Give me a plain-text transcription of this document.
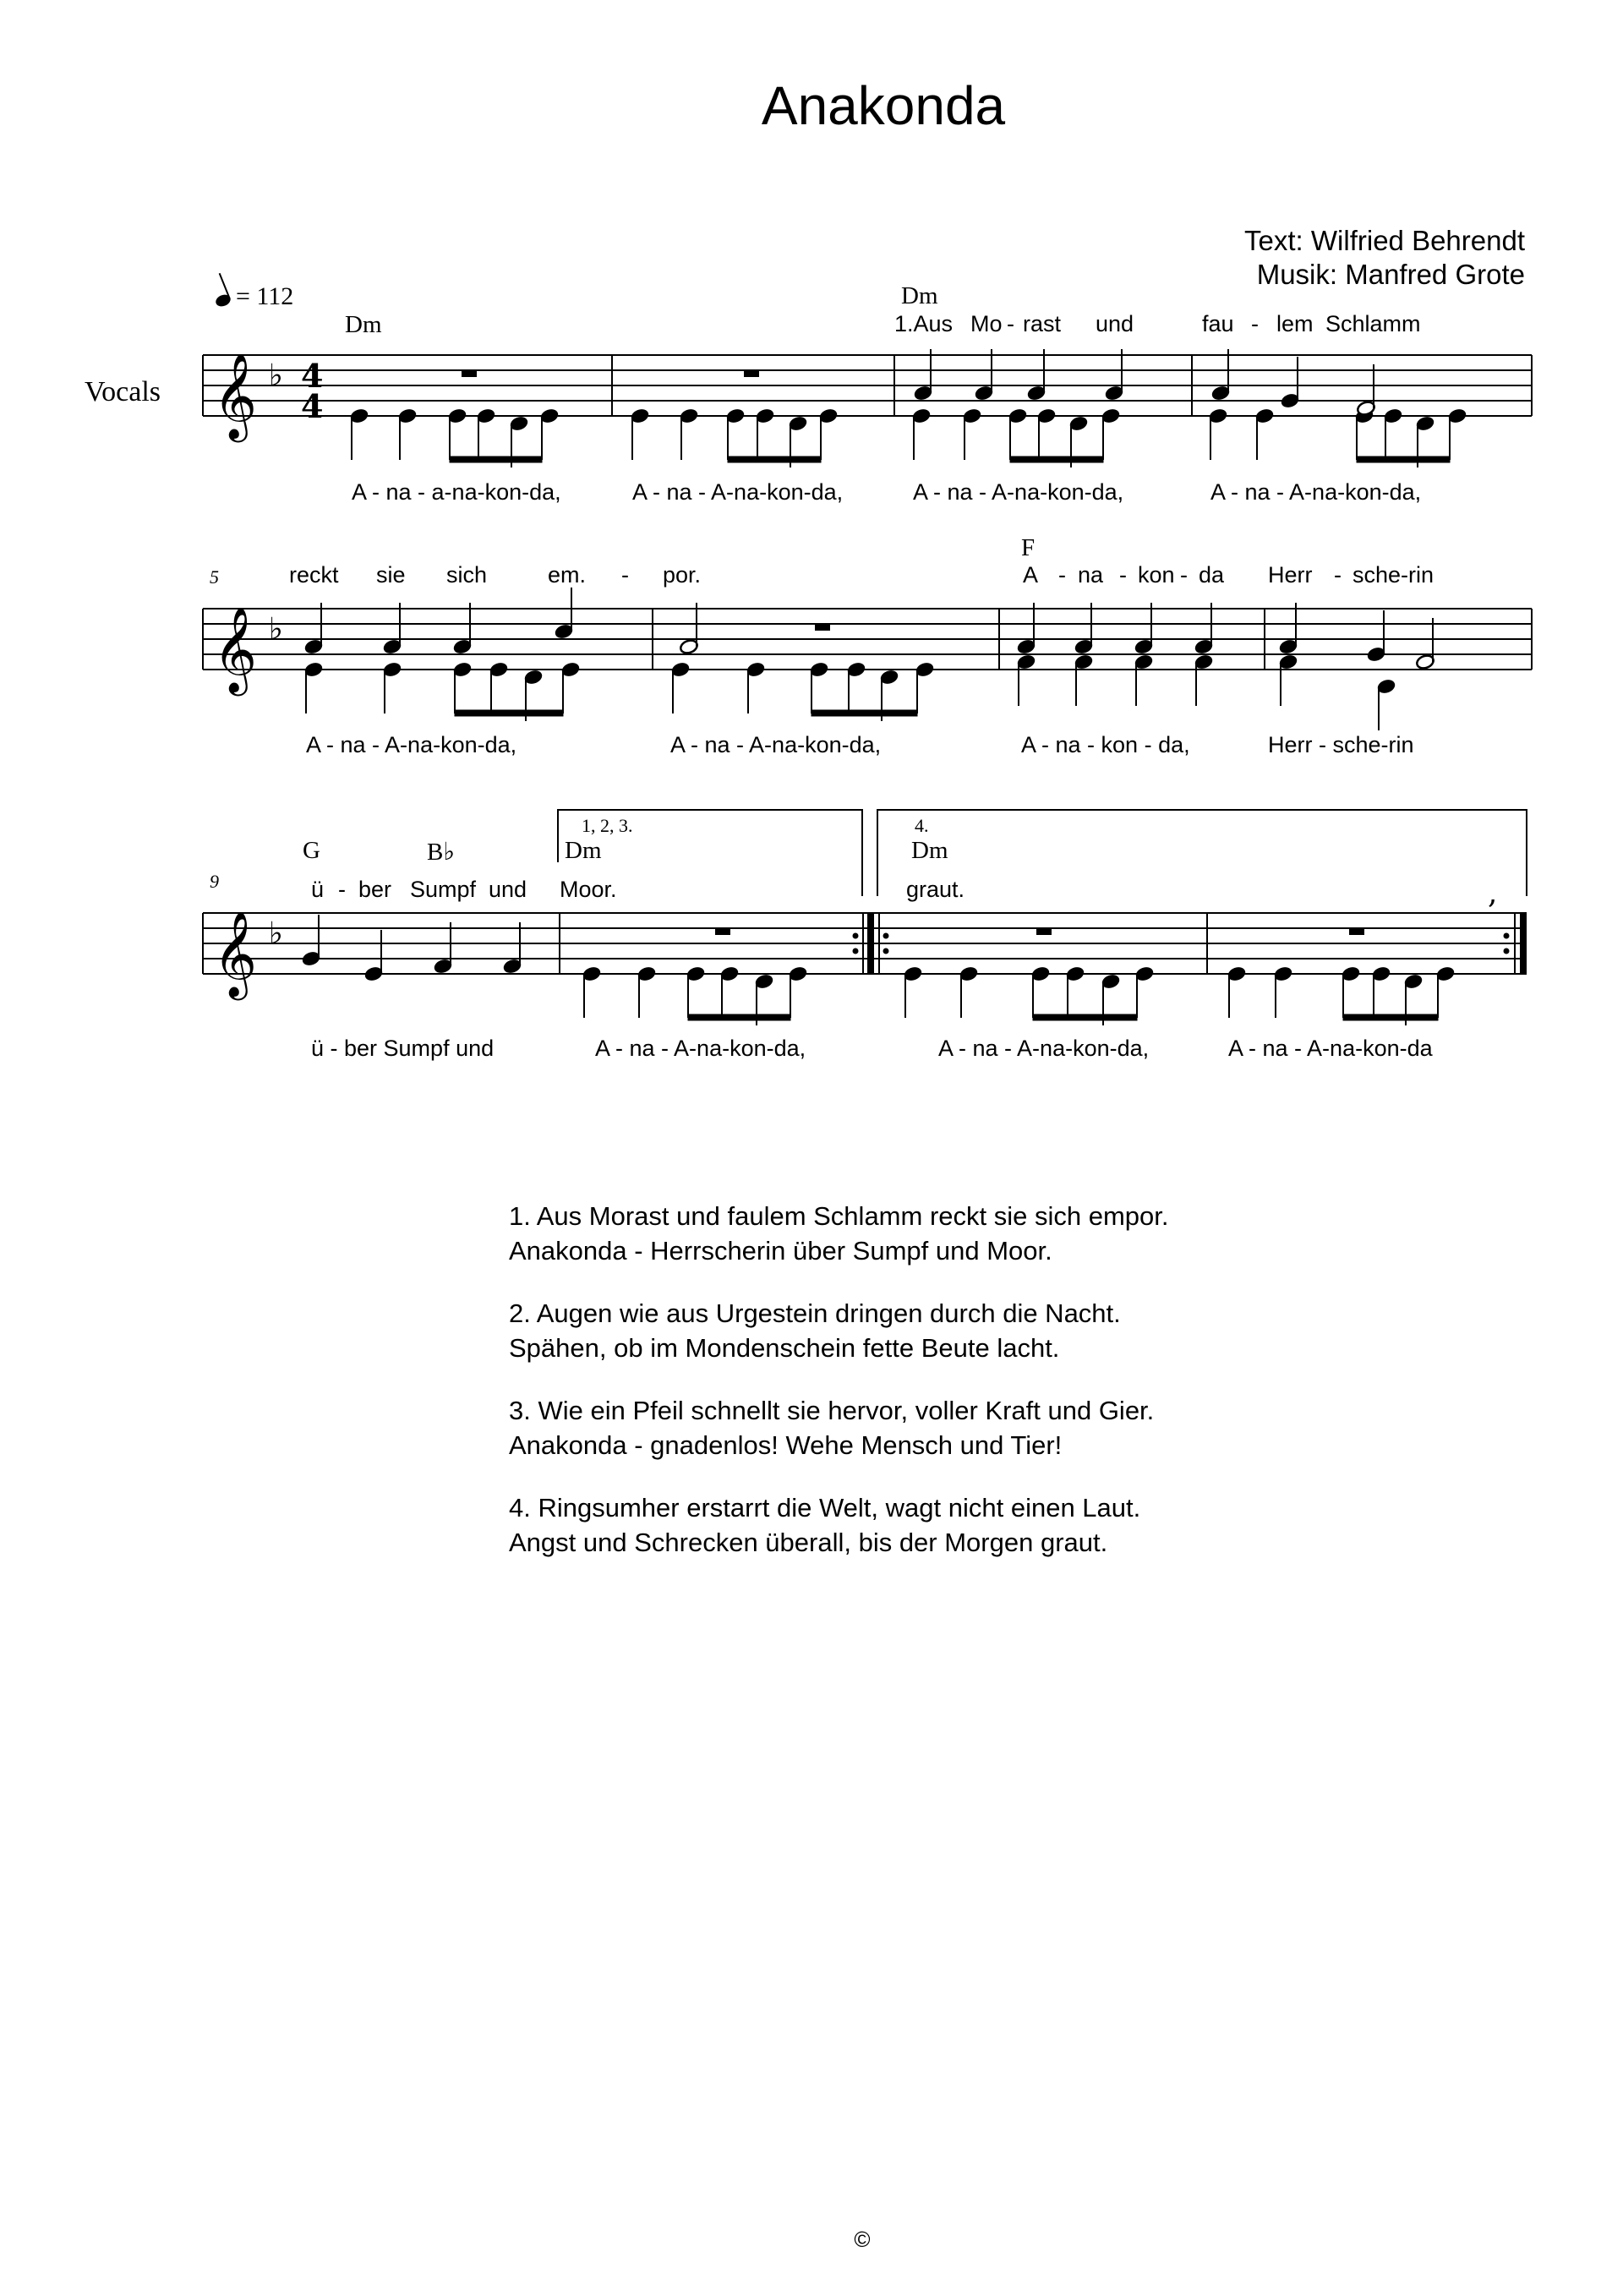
Anakonda
Text: Wilfried Behrendt
Musik: Manfred Grote
= 112
Vocals
Dm
Dm
F
G	B♭	Dm	Dm
5
9
1, 2, 3.	4.
1.Aus Mo - rast und	fau - lem Schlamm
reckt sie sich	em. - por.	A - na - kon - da Herr - sche-rin
ü - ber Sumpf und Moor.	graut.
A - na - a-na-kon-da,	A - na - A-na-kon-da,	A - na - A-na-kon-da,	A - na - A-na-kon-da,
A - na - A-na-kon-da,	A - na - A-na-kon-da,	A - na - kon - da,	Herr - sche-rin
ü - ber Sumpf und	A - na - A-na-kon-da,	A - na - A-na-kon-da,	A - na - A-na-kon-da
,
𝄞
𝄞
𝄞
♭
♭
♭
4
4

1. Aus Morast und faulem Schlamm reckt sie sich empor.
Anakonda - Herrscherin über Sumpf und Moor.

2. Augen wie aus Urgestein dringen durch die Nacht.
Spähen, ob im Mondenschein fette Beute lacht.

3. Wie ein Pfeil schnellt sie hervor, voller Kraft und Gier.
Anakonda - gnadenlos! Wehe Mensch und Tier!

4. Ringsumher erstarrt die Welt, wagt nicht einen Laut.
Angst und Schrecken überall, bis der Morgen graut.

©
